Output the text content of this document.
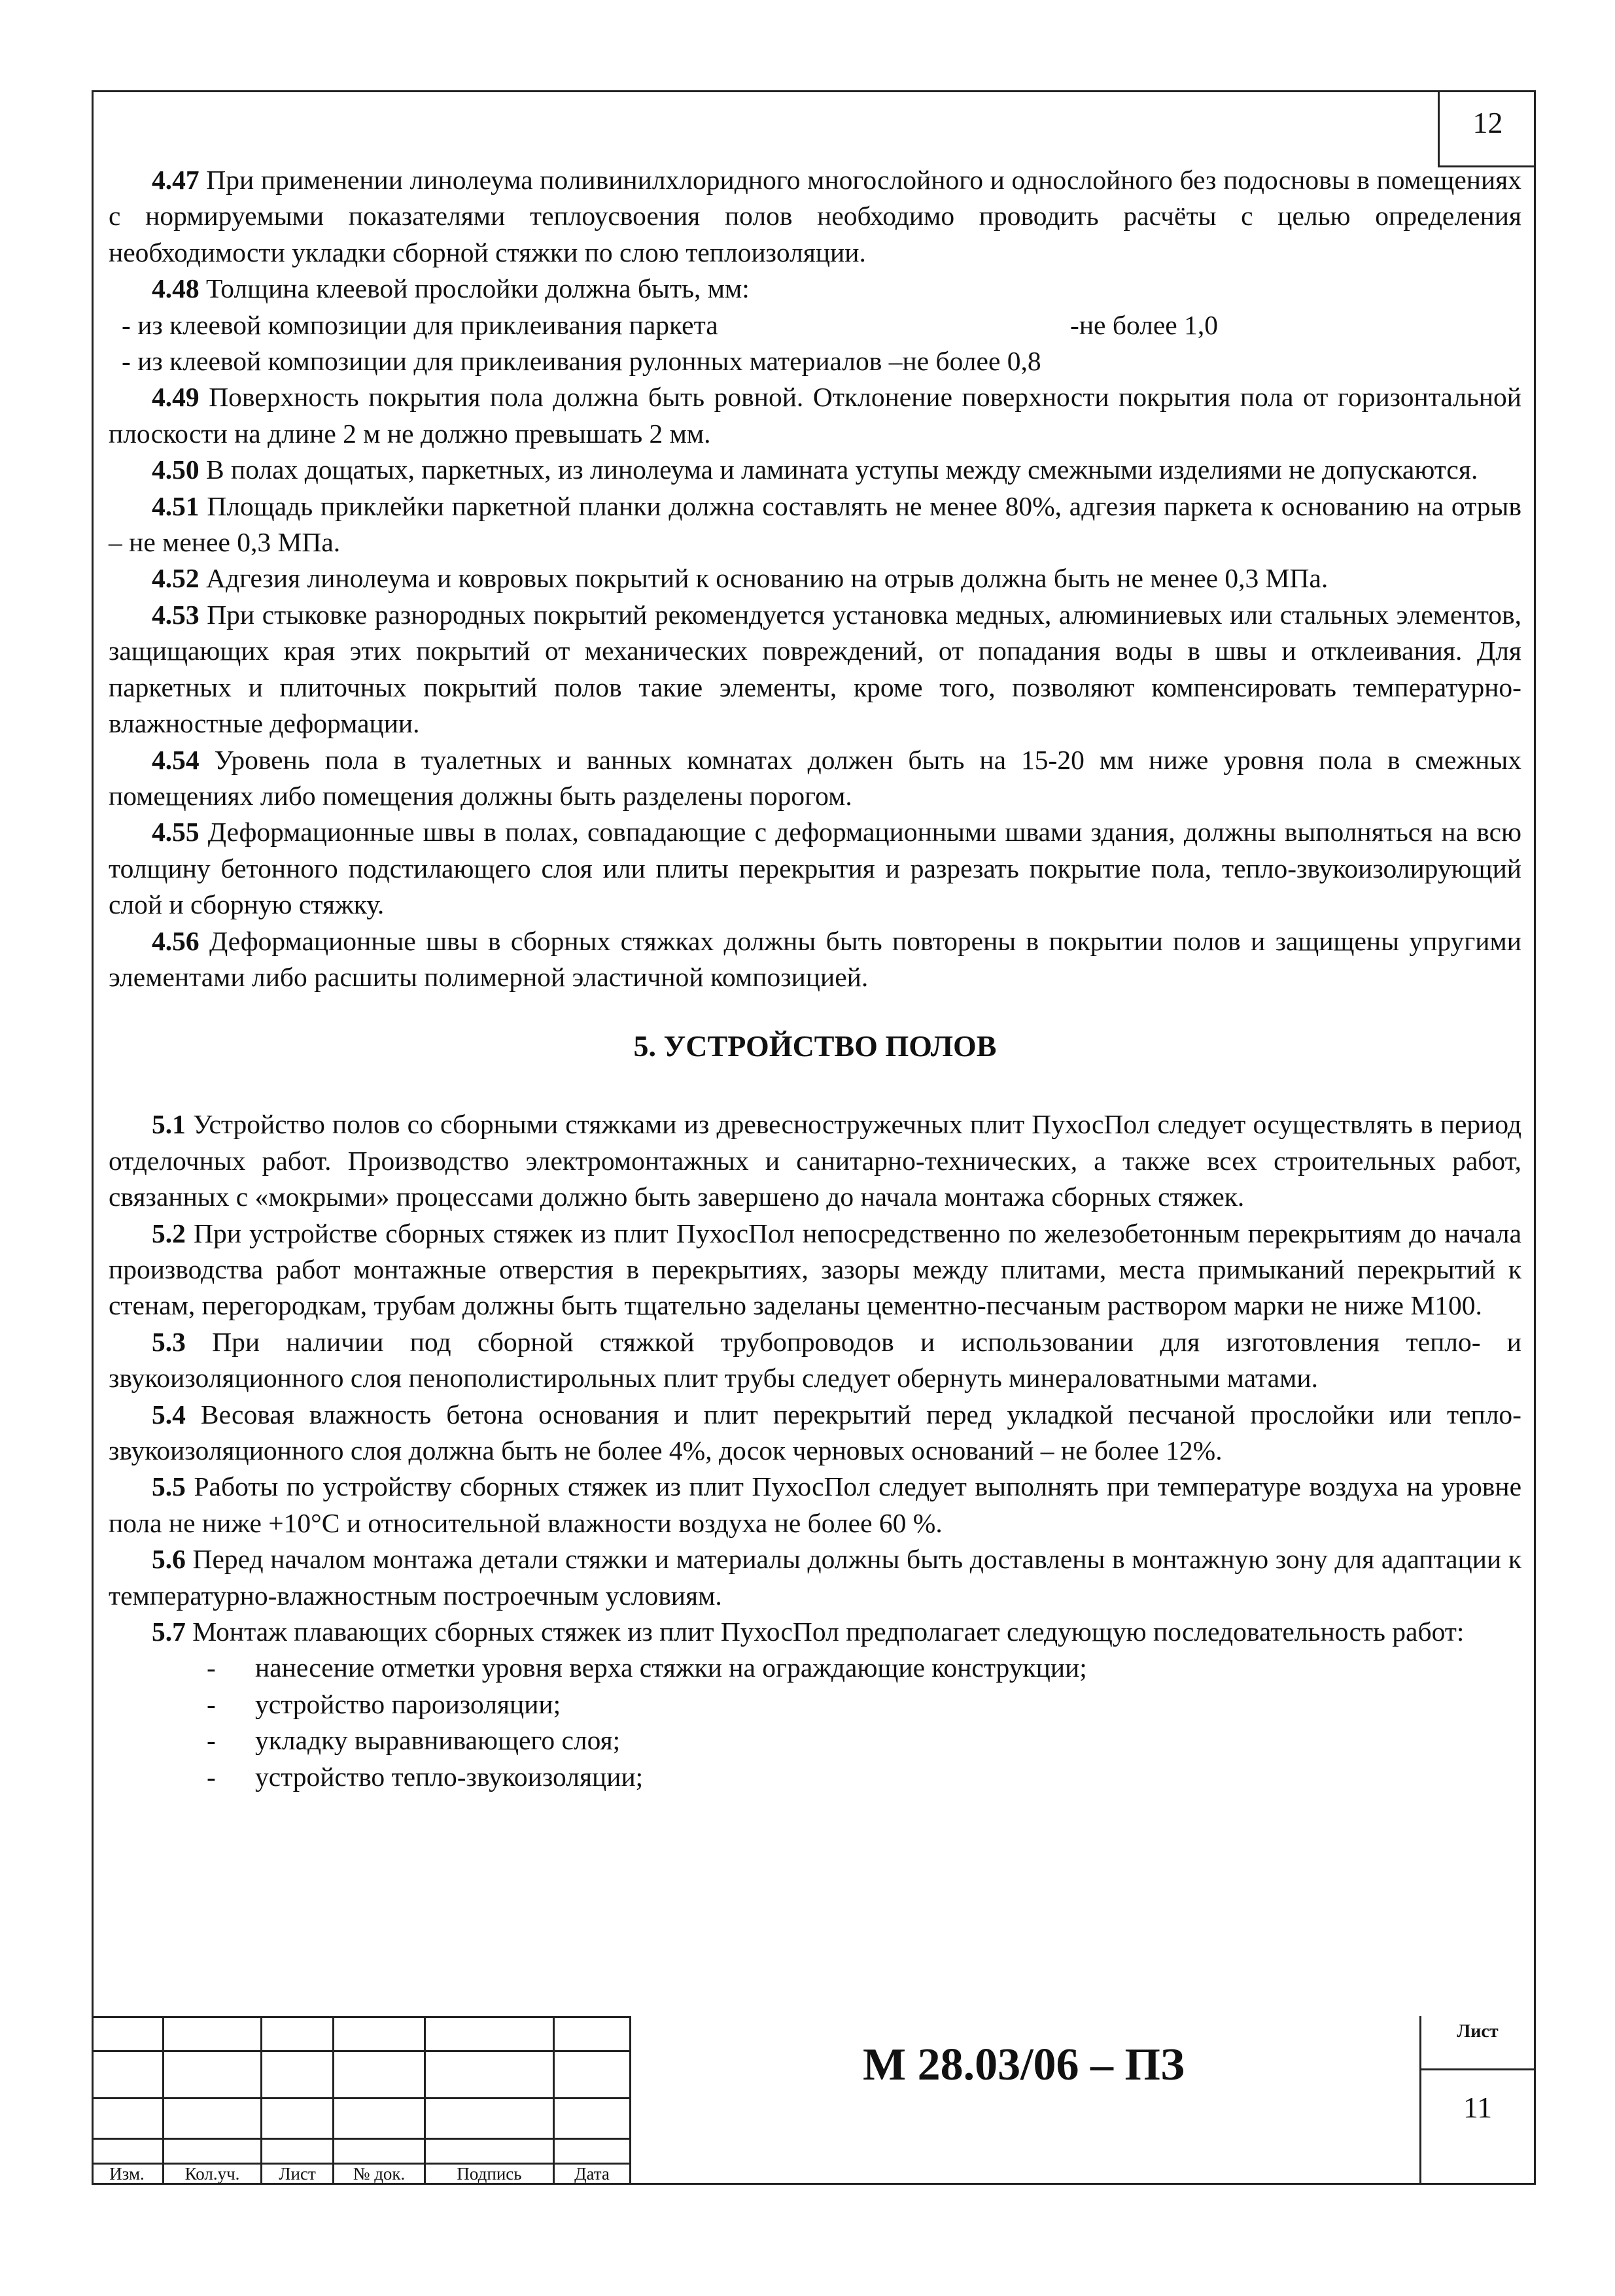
12

4.47 При применении линолеума поливинилхлоридного многослойного и однослойного без подосновы в помещениях с нормируемыми показателями теплоусвоения полов необходимо проводить расчёты с целью определения необходимости укладки сборной стяжки по слою теплоизоляции.

4.48 Толщина клеевой прослойки должна быть, мм:

- из клеевой композиции для приклеивания паркета	-не более 1,0
- из клеевой композиции для приклеивания рулонных материалов –не более 0,8

4.49 Поверхность покрытия пола должна быть ровной. Отклонение поверхности покрытия пола от горизонтальной плоскости на длине 2 м не должно превышать 2 мм.

4.50 В полах дощатых, паркетных, из линолеума и ламината уступы между смежными изделиями не допускаются.

4.51 Площадь приклейки паркетной планки должна составлять не менее 80%, адгезия паркета к основанию на отрыв – не менее 0,3 МПа.

4.52 Адгезия линолеума и ковровых покрытий к основанию на отрыв должна быть не менее 0,3 МПа.

4.53 При стыковке разнородных покрытий рекомендуется установка медных, алюминиевых или стальных элементов, защищающих края этих покрытий от механических повреждений, от попадания воды в швы и отклеивания. Для паркетных и плиточных покрытий полов такие элементы, кроме того, позволяют компенсировать температурно-влажностные деформации.

4.54 Уровень пола в туалетных и ванных комнатах должен быть на 15-20 мм ниже уровня пола в смежных помещениях либо помещения должны быть разделены порогом.

4.55 Деформационные швы в полах, совпадающие с деформационными швами здания, должны выполняться на всю толщину бетонного подстилающего слоя или плиты перекрытия и разрезать покрытие пола, тепло-звукоизолирующий слой и сборную стяжку.

4.56 Деформационные швы в сборных стяжках должны быть повторены в покрытии полов и защищены упругими элементами либо расшиты полимерной эластичной композицией.

5. УСТРОЙСТВО ПОЛОВ

5.1 Устройство полов со сборными стяжками из древесностружечных плит ПухосПол следует осуществлять в период отделочных работ. Производство электромонтажных и санитарно-технических, а также всех строительных работ, связанных с «мокрыми» процессами должно быть завершено до начала монтажа сборных стяжек.

5.2 При устройстве сборных стяжек из плит ПухосПол непосредственно по железобетонным перекрытиям до начала производства работ монтажные отверстия в перекрытиях, зазоры между плитами, места примыканий перекрытий к стенам, перегородкам, трубам должны быть тщательно заделаны цементно-песчаным раствором марки не ниже М100.

5.3 При наличии под сборной стяжкой трубопроводов и использовании для изготовления тепло- и звукоизоляционного слоя пенополистирольных плит трубы следует обернуть минераловатными матами.

5.4 Весовая влажность бетона основания и плит перекрытий перед укладкой песчаной прослойки или тепло-звукоизоляционного слоя должна быть не более 4%, досок черновых оснований – не более 12%.

5.5 Работы по устройству сборных стяжек из плит ПухосПол следует выполнять при температуре воздуха на уровне пола не ниже +10°С и относительной влажности воздуха не более 60 %.

5.6 Перед началом монтажа детали стяжки и материалы должны быть доставлены в монтажную зону для адаптации к температурно-влажностным построечным условиям.

5.7 Монтаж плавающих сборных стяжек из плит ПухосПол предполагает следующую последовательность работ:

-	нанесение отметки уровня верха стяжки на ограждающие конструкции;
-	устройство пароизоляции;
-	укладку выравнивающего слоя;
-	устройство тепло-звукоизоляции;
Изм.	Кол.уч.	Лист	№ док.	Подпись	Дата
М 28.03/06 – ПЗ
Лист
11
